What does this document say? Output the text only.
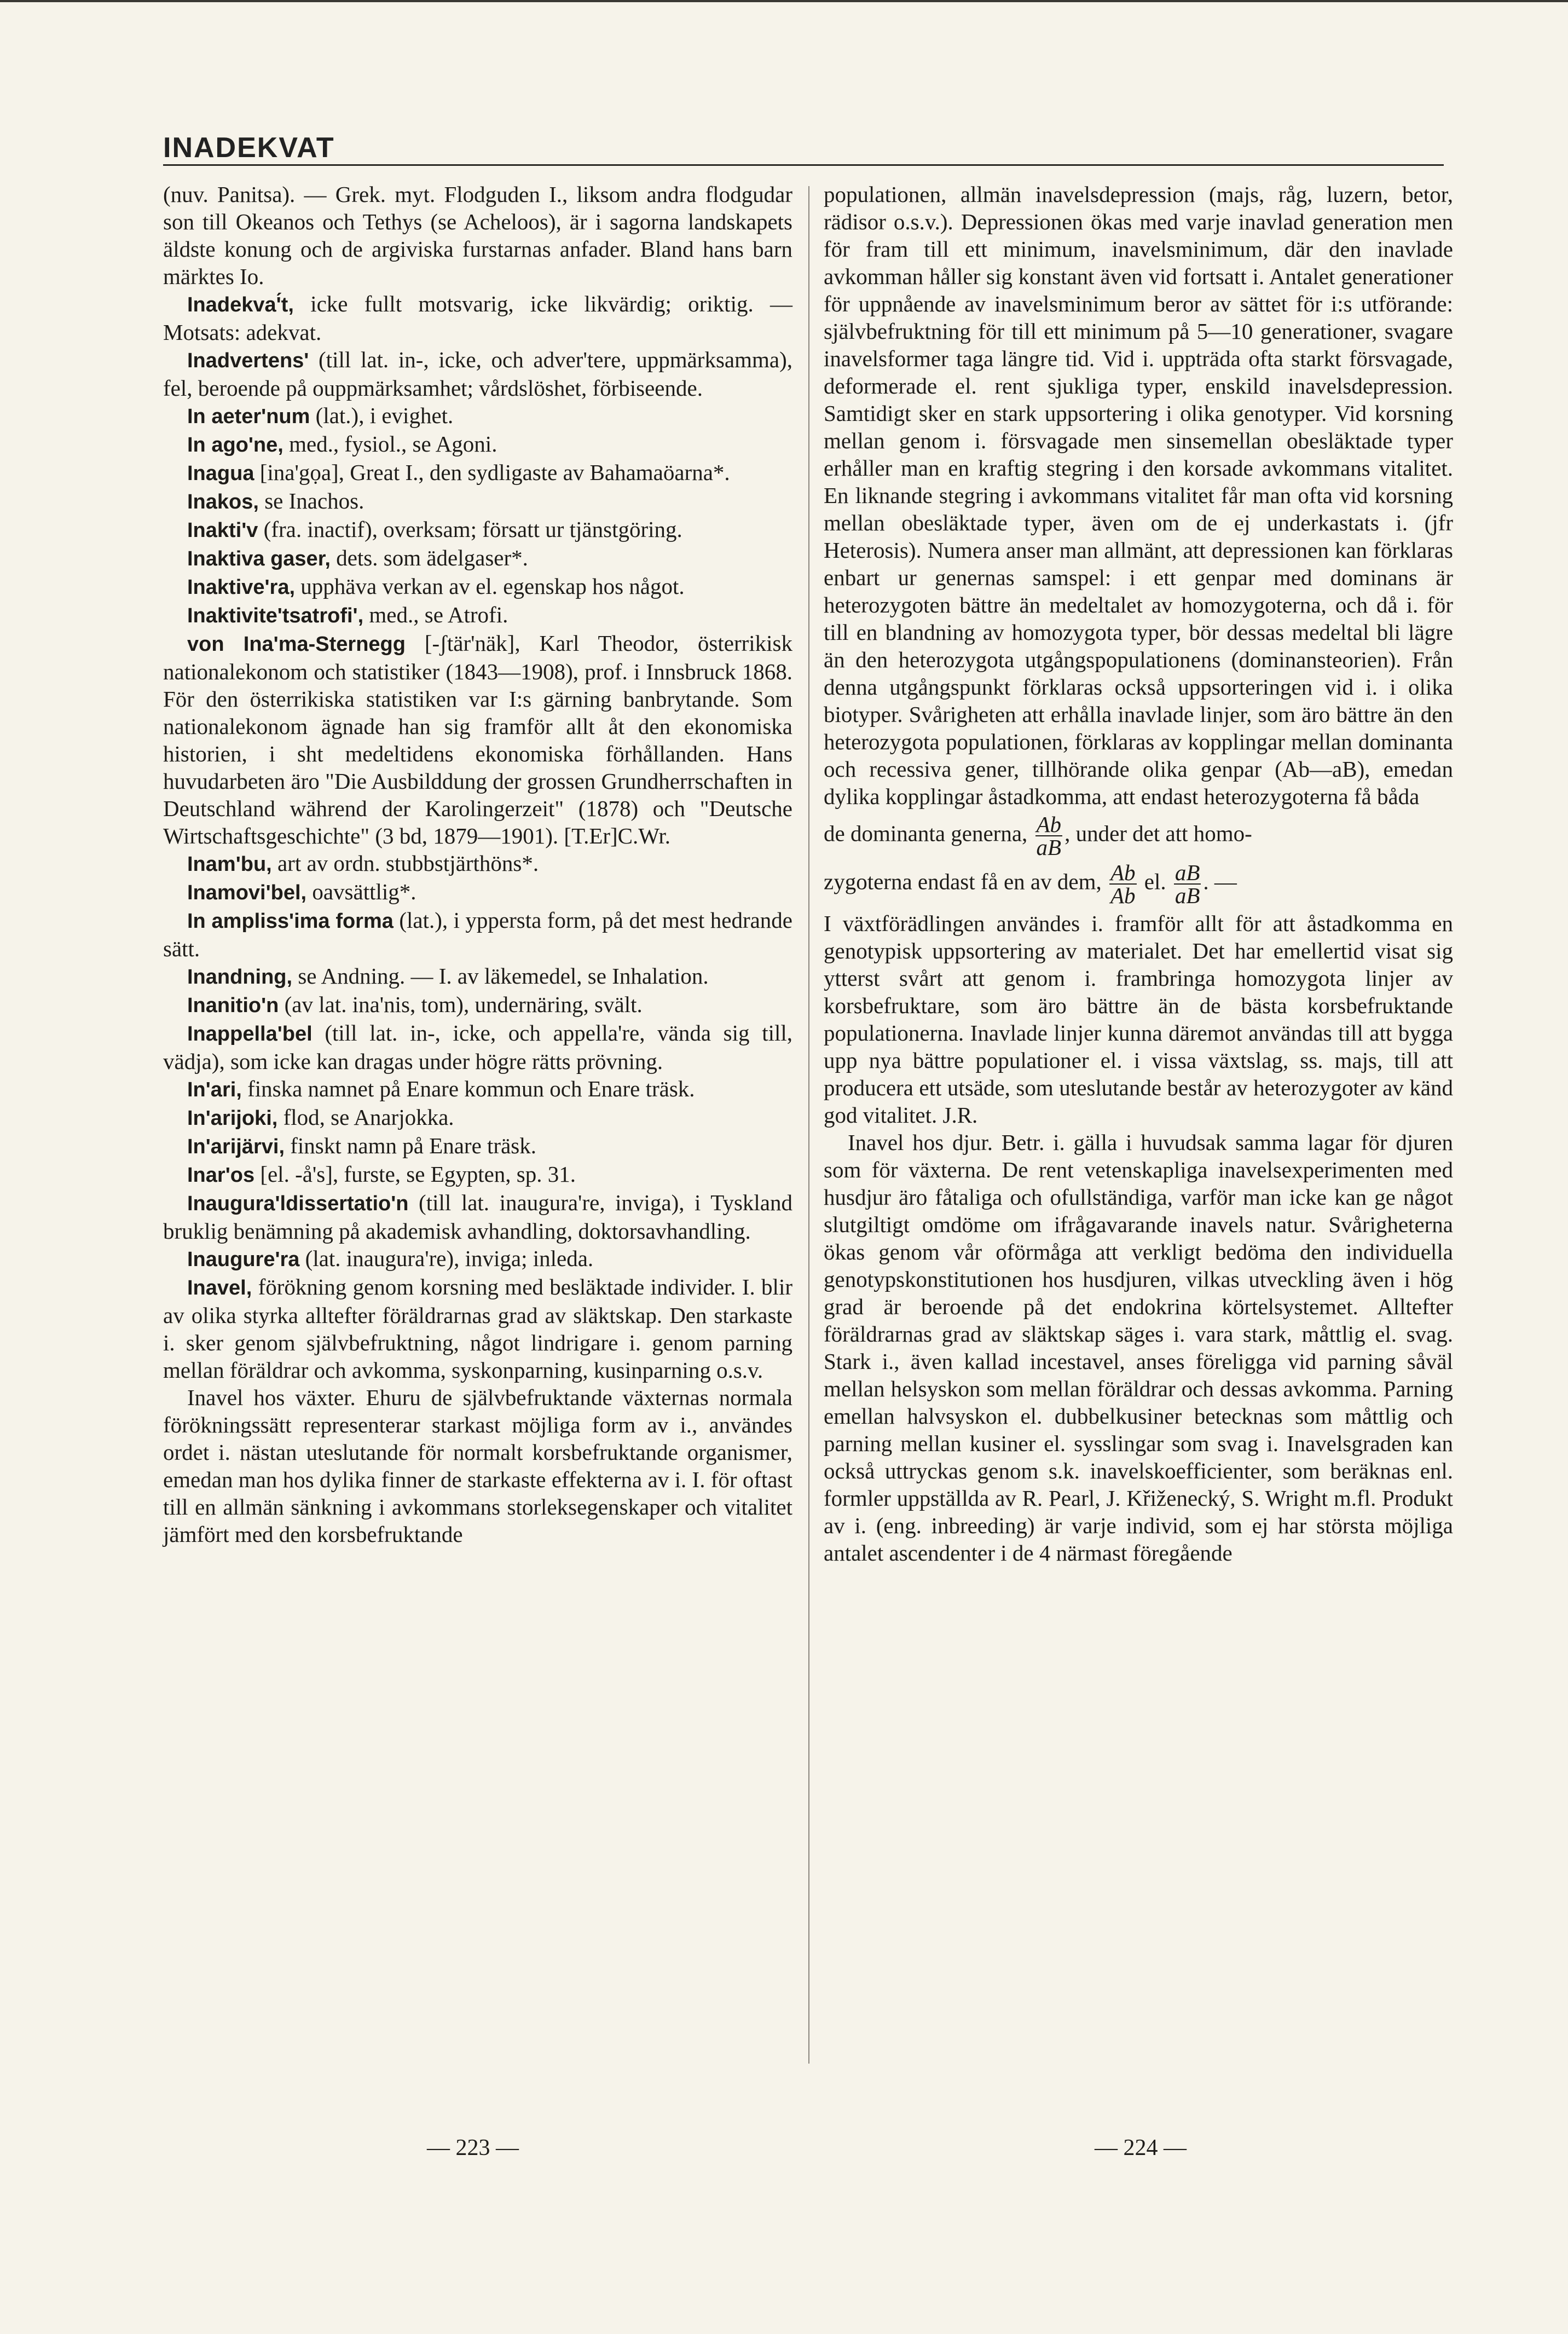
INADEKVAT

(nuv. Panitsa). — Grek. myt. Flodguden I., liksom andra flodgudar son till Okeanos och Tethys (se Acheloos), är i sagorna landskapets äldste konung och de argiviska furstarnas anfader. Bland hans barn märktes Io.

Inadekva'́t, icke fullt motsvarig, icke likvärdig; oriktig. — Motsats: adekvat.

Inadvertens' (till lat. in-, icke, och adver'tere, uppmärksamma), fel, beroende på ouppmärksamhet; vårdslöshet, förbiseende.

In aeter'num (lat.), i evighet.

In ago'ne, med., fysiol., se Agoni.

Inagua [ina'gọa], Great I., den sydligaste av Bahamaöarna*.

Inakos, se Inachos.

Inakti'v (fra. inactif), overksam; försatt ur tjänstgöring.

Inaktiva gaser, dets. som ädelgaser*.

Inaktive'ra, upphäva verkan av el. egenskap hos något.

Inaktivite'tsatrofi', med., se Atrofi.

von Ina'ma-Sternegg [-ʃtär'näk], Karl Theodor, österrikisk nationalekonom och statistiker (1843—1908), prof. i Innsbruck 1868. För den österrikiska statistiken var I:s gärning banbrytande. Som nationalekonom ägnade han sig framför allt åt den ekonomiska historien, i sht medeltidens ekonomiska förhållanden. Hans huvudarbeten äro "Die Ausbilddung der grossen Grundherrschaften in Deutschland während der Karolingerzeit" (1878) och "Deutsche Wirtschaftsgeschichte" (3 bd, 1879—1901). [T.Er]C.Wr.

Inam'bu, art av ordn. stubbstjärthöns*.

Inamovi'bel, oavsättlig*.

In ampliss'ima forma (lat.), i yppersta form, på det mest hedrande sätt.

Inandning, se Andning. — I. av läkemedel, se Inhalation.

Inanitio'n (av lat. ina'nis, tom), undernäring, svält.

Inappella'bel (till lat. in-, icke, och appella're, vända sig till, vädja), som icke kan dragas under högre rätts prövning.

In'ari, finska namnet på Enare kommun och Enare träsk.

In'arijoki, flod, se Anarjokka.

In'arijärvi, finskt namn på Enare träsk.

Inar'os [el. -å's], furste, se Egypten, sp. 31.

Inaugura'ldissertatio'n (till lat. inaugura're, inviga), i Tyskland bruklig benämning på akademisk avhandling, doktorsavhandling.

Inaugure'ra (lat. inaugura're), inviga; inleda.

Inavel, förökning genom korsning med besläktade individer. I. blir av olika styrka alltefter föräldrarnas grad av släktskap. Den starkaste i. sker genom självbefruktning, något lindrigare i. genom parning mellan föräldrar och avkomma, syskonparning, kusinparning o.s.v.

Inavel hos växter. Ehuru de självbefruktande växternas normala förökningssätt representerar starkast möjliga form av i., användes ordet i. nästan uteslutande för normalt korsbefruktande organismer, emedan man hos dylika finner de starkaste effekterna av i. I. för oftast till en allmän sänkning i avkommans storleksegenskaper och vitalitet jämfört med den korsbefruktande

populationen, allmän inavelsdepression (majs, råg, luzern, betor, rädisor o.s.v.). Depressionen ökas med varje inavlad generation men för fram till ett minimum, inavelsminimum, där den inavlade avkomman håller sig konstant även vid fortsatt i. Antalet generationer för uppnående av inavelsminimum beror av sättet för i:s utförande: självbefruktning för till ett minimum på 5—10 generationer, svagare inavelsformer taga längre tid. Vid i. uppträda ofta starkt försvagade, deformerade el. rent sjukliga typer, enskild inavelsdepression. Samtidigt sker en stark uppsortering i olika genotyper. Vid korsning mellan genom i. försvagade men sinsemellan obesläktade typer erhåller man en kraftig stegring i den korsade avkommans vitalitet. En liknande stegring i avkommans vitalitet får man ofta vid korsning mellan obesläktade typer, även om de ej underkastats i. (jfr Heterosis). Numera anser man allmänt, att depressionen kan förklaras enbart ur genernas samspel: i ett genpar med dominans är heterozygoten bättre än medeltalet av homozygoterna, och då i. för till en blandning av homozygota typer, bör dessas medeltal bli lägre än den heterozygota utgångspopulationens (dominansteorien). Från denna utgångspunkt förklaras också uppsorteringen vid i. i olika biotyper. Svårigheten att erhålla inavlade linjer, som äro bättre än den heterozygota populationen, förklaras av kopplingar mellan dominanta och recessiva gener, tillhörande olika genpar (Ab—aB), emedan dylika kopplingar åstadkomma, att endast heterozygoterna få båda

de dominanta generna, $\frac{Ab}{aB}$ , under det att homo-
zygoterna endast få en av dem, $\frac{Ab}{Ab}$ el. $\frac{aB}{aB}$ . —

I växtförädlingen användes i. framför allt för att åstadkomma en genotypisk uppsortering av materialet. Det har emellertid visat sig ytterst svårt att genom i. frambringa homozygota linjer av korsbefruktare, som äro bättre än de bästa korsbefruktande populationerna. Inavlade linjer kunna däremot användas till att bygga upp nya bättre populationer el. i vissa växtslag, ss. majs, till att producera ett utsäde, som uteslutande består av heterozygoter av känd god vitalitet. J.R.

Inavel hos djur. Betr. i. gälla i huvudsak samma lagar för djuren som för växterna. De rent vetenskapliga inavelsexperimenten med husdjur äro fåtaliga och ofullständiga, varför man icke kan ge något slutgiltigt omdöme om ifrågavarande inavels natur. Svårigheterna ökas genom vår oförmåga att verkligt bedöma den individuella genotypskonstitutionen hos husdjuren, vilkas utveckling även i hög grad är beroende på det endokrina körtelsystemet. Alltefter föräldrarnas grad av släktskap säges i. vara stark, måttlig el. svag. Stark i., även kallad incestavel, anses föreligga vid parning såväl mellan helsyskon som mellan föräldrar och dessas avkomma. Parning emellan halvsyskon el. dubbelkusiner betecknas som måttlig och parning mellan kusiner el. sysslingar som svag i. Inavelsgraden kan också uttryckas genom s.k. inavelskoefficienter, som beräknas enl. formler uppställda av R. Pearl, J. Křiženecký, S. Wright m.fl. Produkt av i. (eng. inbreeding) är varje individ, som ej har största möjliga antalet ascendenter i de 4 närmast föregående

— 223 —	— 224 —
